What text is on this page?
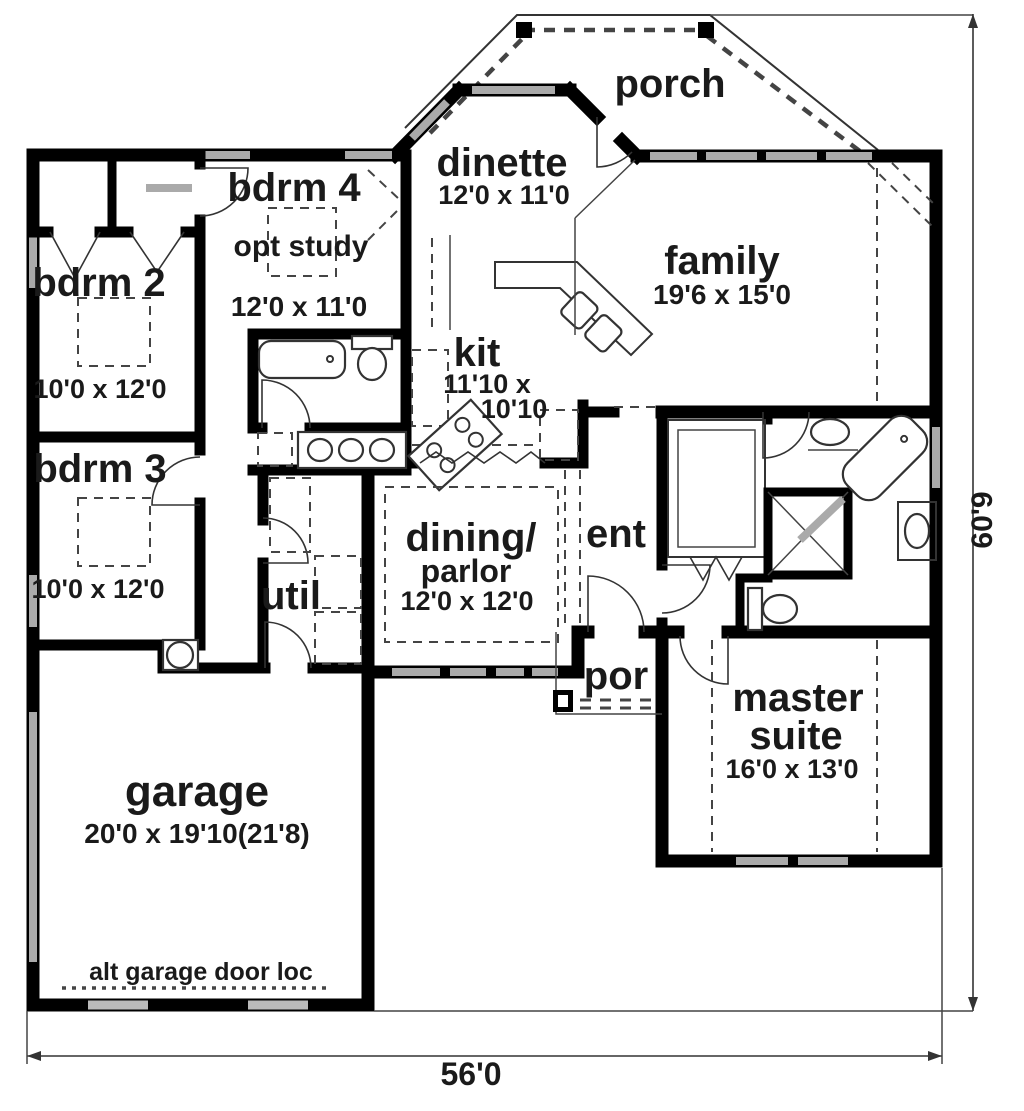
porch
dinette
12'0 x 11'0
family
19'6 x 15'0
bdrm 4
opt study
12'0 x 11'0
bdrm 2
10'0 x 12'0
bdrm 3
10'0 x 12'0
kit
11'10 x
10'10
dining/
parlor
12'0 x 12'0
ent
util
por master
suite
16'0 x 13'0
garage
20'0 x 19'10(21'8)
alt garage door loc
56'0
60'9
